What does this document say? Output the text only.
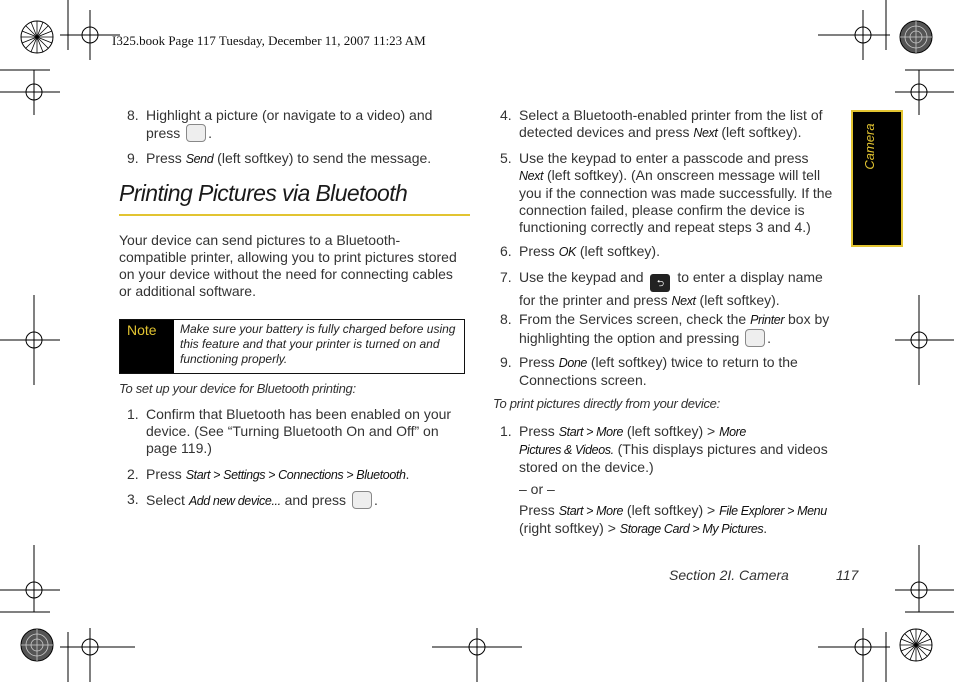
I325.book Page 117 Tuesday, December 11, 2007 11:23 AM
Camera
8. Highlight a picture (or navigate to a video) and
press .
9. Press Send (left softkey) to send the message.
Printing Pictures via Bluetooth
Your device can send pictures to a Bluetooth-
compatible printer, allowing you to print pictures stored
on your device without the need for connecting cables
or additional software.
Note	Make sure your battery is fully charged before using
this feature and that your printer is turned on and
functioning properly.
To set up your device for Bluetooth printing:
1. Confirm that Bluetooth has been enabled on your
device. (See “Turning Bluetooth On and Off” on
page 119.)
2. Press Start > Settings > Connections > Bluetooth.
3. Select Add new device... and press .
4. Select a Bluetooth-enabled printer from the list of
detected devices and press Next (left softkey).
5. Use the keypad to enter a passcode and press
Next (left softkey). (An onscreen message will tell
you if the connection was made successfully. If the
connection failed, please confirm the device is
functioning correctly and repeat steps 3 and 4.)
6. Press OK (left softkey).
7. Use the keypad and ⮌ to enter a display name
for the printer and press Next (left softkey).
8. From the Services screen, check the Printer box by
highlighting the option and pressing .
9. Press Done (left softkey) twice to return to the
Connections screen.
To print pictures directly from your device:
1. Press Start > More (left softkey) > More
Pictures & Videos. (This displays pictures and videos
stored on the device.)
– or –
Press Start > More (left softkey) > File Explorer > Menu
(right softkey) > Storage Card > My Pictures.
Section 2I. Camera	117
